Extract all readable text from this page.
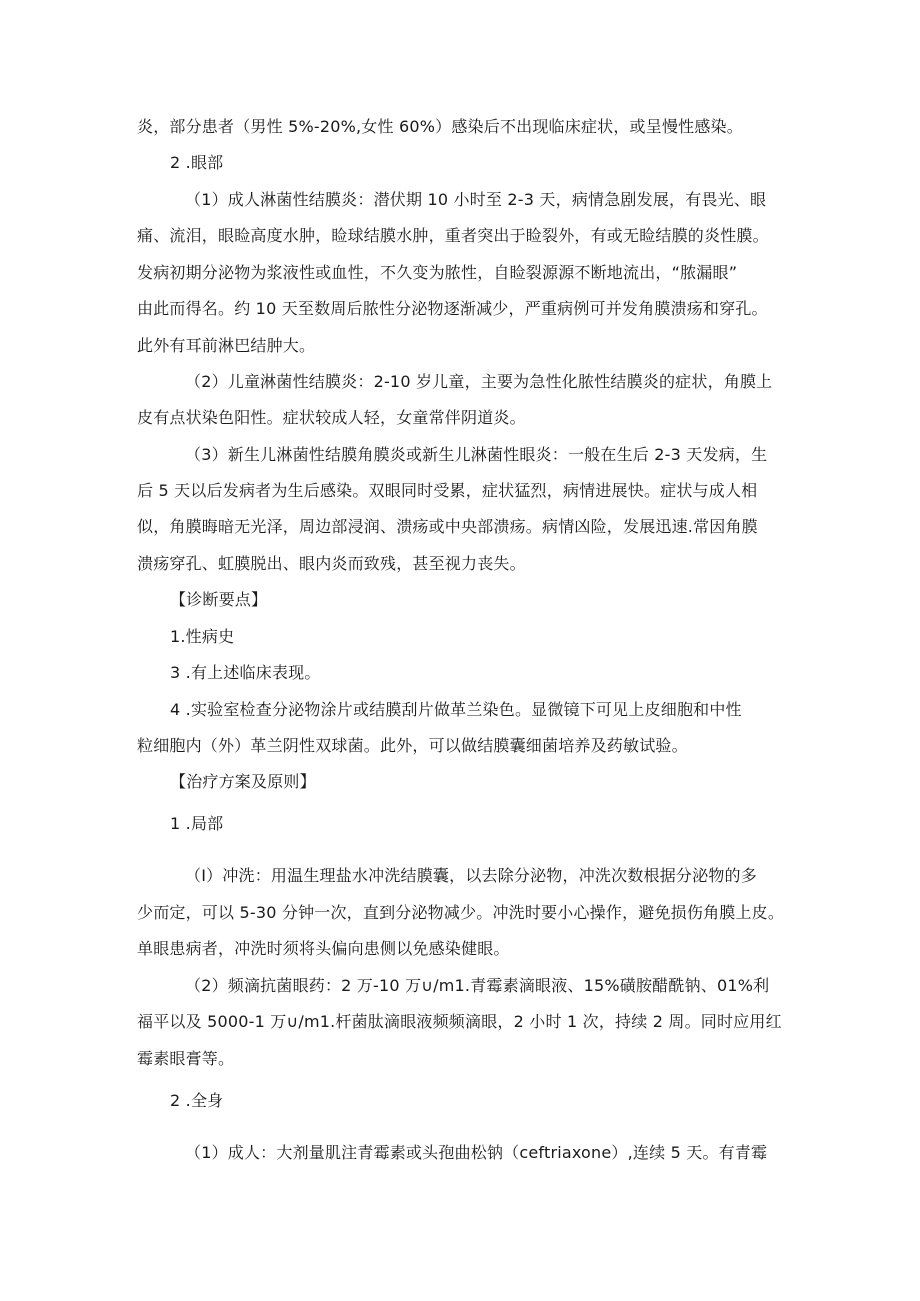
炎，部分患者（男性 5%-20%,女性 60%）感染后不出现临床症状，或呈慢性感染。
2 .眼部
（1）成人淋菌性结膜炎：潜伏期 10 小时至 2-3 天，病情急剧发展，有畏光、眼
痛、流泪，眼睑高度水肿，睑球结膜水肿，重者突出于睑裂外，有或无睑结膜的炎性膜。
发病初期分泌物为浆液性或血性，不久变为脓性，自睑裂源源不断地流出，“脓漏眼”
由此而得名。约 10 天至数周后脓性分泌物逐渐减少，严重病例可并发角膜溃疡和穿孔。
此外有耳前淋巴结肿大。
（2）儿童淋菌性结膜炎：2-10 岁儿童，主要为急性化脓性结膜炎的症状，角膜上
皮有点状染色阳性。症状较成人轻，女童常伴阴道炎。
（3）新生儿淋菌性结膜角膜炎或新生儿淋菌性眼炎：一般在生后 2-3 天发病，生
后 5 天以后发病者为生后感染。双眼同时受累，症状猛烈，病情进展快。症状与成人相
似，角膜晦暗无光泽，周边部浸润、溃疡或中央部溃疡。病情凶险，发展迅速.常因角膜
溃疡穿孔、虹膜脱出、眼内炎而致残，甚至视力丧失。
【诊断要点】
1.性病史
3 .有上述临床表现。
4 .实验室检查分泌物涂片或结膜刮片做革兰染色。显微镜下可见上皮细胞和中性
粒细胞内（外）革兰阴性双球菌。此外，可以做结膜囊细菌培养及药敏试验。
【治疗方案及原则】
1 .局部
（I）冲洗：用温生理盐水冲洗结膜囊，以去除分泌物，冲洗次数根据分泌物的多
少而定，可以 5-30 分钟一次，直到分泌物减少。冲洗时要小心操作，避免损伤角膜上皮。
单眼患病者，冲洗时须将头偏向患侧以免感染健眼。
（2）频滴抗菌眼药：2 万-10 万∪∕m1.青霉素滴眼液、15%磺胺醋酰钠、01%利
福平以及 5000-1 万∪∕m1.杆菌肽滴眼液频频滴眼，2 小时 1 次，持续 2 周。同时应用红
霉素眼膏等。
2 .全身
（1）成人：大剂量肌注青霉素或头孢曲松钠（ceftriaxone）,连续 5 天。有青霉
